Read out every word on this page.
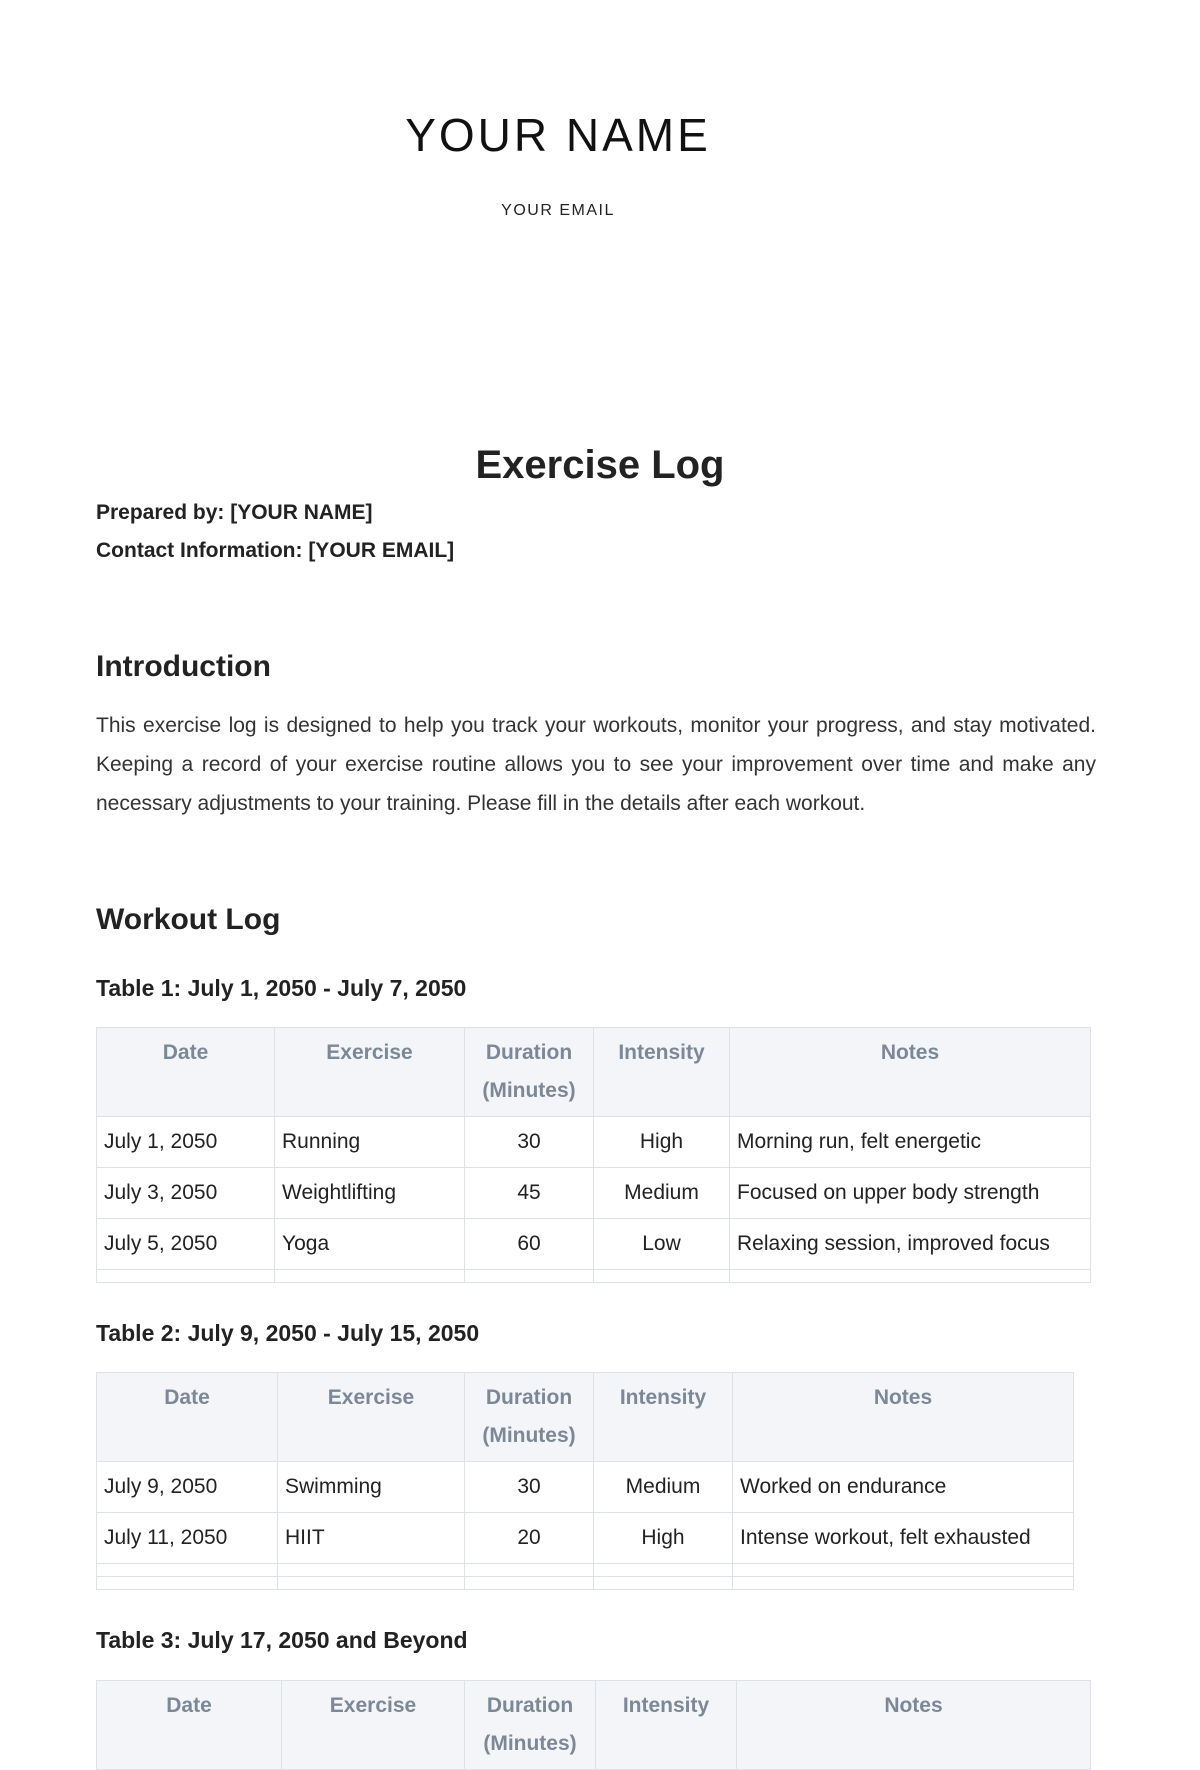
YOUR NAME
YOUR EMAIL
Exercise Log
Prepared by: [YOUR NAME]
Contact Information: [YOUR EMAIL]
Introduction

This exercise log is designed to help you track your workouts, monitor your progress, and stay motivated. Keeping a record of your exercise routine allows you to see your improvement over time and make any necessary adjustments to your training. Please fill in the details after each workout.

Workout Log
Table 1: July 1, 2050 - July 7, 2050
Date	Exercise	Duration (Minutes)	Intensity	Notes
July 1, 2050	Running	30	High	Morning run, felt energetic
July 3, 2050	Weightlifting	45	Medium	Focused on upper body strength
July 5, 2050	Yoga	60	Low	Relaxing session, improved focus

Table 2: July 9, 2050 - July 15, 2050
Date	Exercise	Duration (Minutes)	Intensity	Notes
July 9, 2050	Swimming	30	Medium	Worked on endurance
July 11, 2050	HIIT	20	High	Intense workout, felt exhausted

Table 3: July 17, 2050 and Beyond
Date	Exercise	Duration (Minutes)	Intensity	Notes
